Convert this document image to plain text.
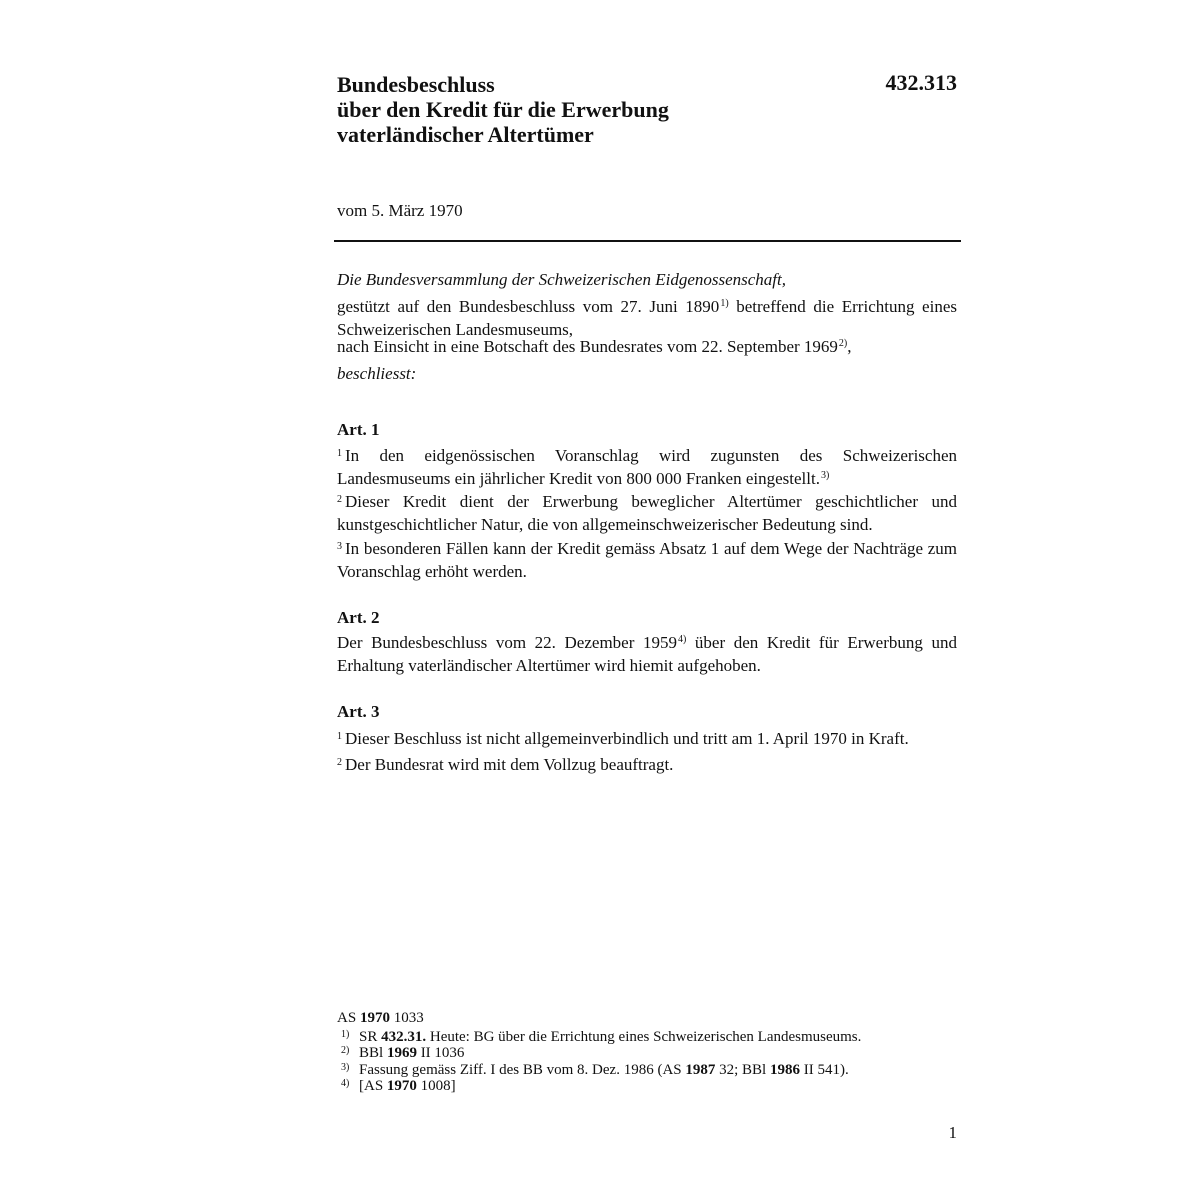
Bundesbeschluss
über den Kredit für die Erwerbung
vaterländischer Altertümer
432.313
vom 5. März 1970
Die Bundesversammlung der Schweizerischen Eidgenossenschaft,
gestützt auf den Bundesbeschluss vom 27. Juni 1890$^{1)}$ betreffend die Errichtung eines Schweizerischen Landesmuseums,
nach Einsicht in eine Botschaft des Bundesrates vom 22. September 1969$^{2)}$,
beschliesst:
Art. 1
$^1$ In den eidgenössischen Voranschlag wird zugunsten des Schweizerischen Landesmuseums ein jährlicher Kredit von 800 000 Franken eingestellt.$^{3)}$
$^2$ Dieser Kredit dient der Erwerbung beweglicher Altertümer geschichtlicher und kunstgeschichtlicher Natur, die von allgemeinschweizerischer Bedeutung sind.
$^3$ In besonderen Fällen kann der Kredit gemäss Absatz 1 auf dem Wege der Nachträge zum Voranschlag erhöht werden.
Art. 2
Der Bundesbeschluss vom 22. Dezember 1959$^{4)}$ über den Kredit für Erwerbung und Erhaltung vaterländischer Altertümer wird hiemit aufgehoben.
Art. 3
$^1$ Dieser Beschluss ist nicht allgemeinverbindlich und tritt am 1. April 1970 in Kraft.
$^2$ Der Bundesrat wird mit dem Vollzug beauftragt.
AS 1970 1033
1) SR 432.31. Heute: BG über die Errichtung eines Schweizerischen Landesmuseums.
2) BBl 1969 II 1036
3) Fassung gemäss Ziff. I des BB vom 8. Dez. 1986 (AS 1987 32; BBl 1986 II 541).
4) [AS 1970 1008]
1
